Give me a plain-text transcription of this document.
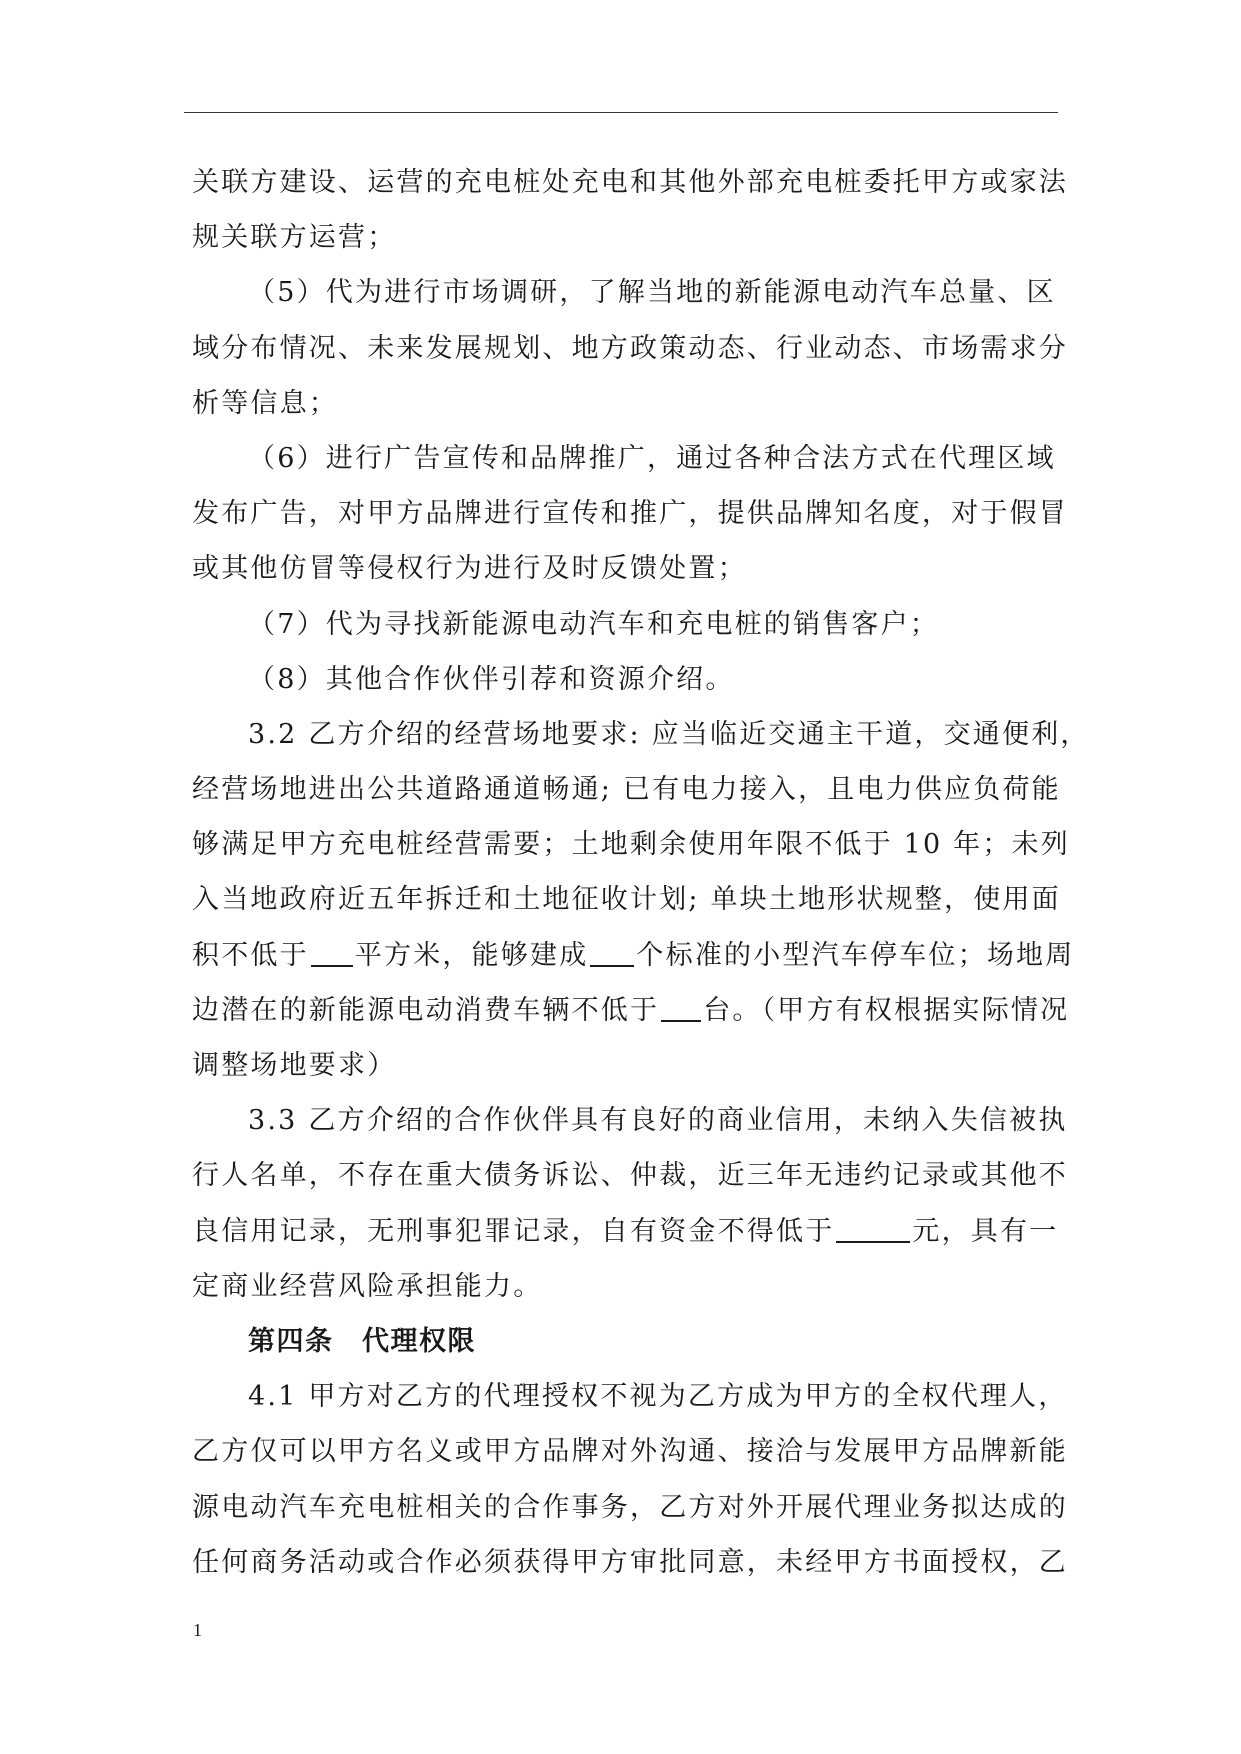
关联方建设、运营的充电桩处充电和其他外部充电桩委托甲方或家法
规关联方运营；
（5）代为进行市场调研，了解当地的新能源电动汽车总量、区
域分布情况、未来发展规划、地方政策动态、行业动态、市场需求分
析等信息；
（6）进行广告宣传和品牌推广，通过各种合法方式在代理区域
发布广告，对甲方品牌进行宣传和推广，提供品牌知名度，对于假冒
或其他仿冒等侵权行为进行及时反馈处置；
（7）代为寻找新能源电动汽车和充电桩的销售客户；
（8）其他合作伙伴引荐和资源介绍。
3.2 乙方介绍的经营场地要求: 应当临近交通主干道，交通便利，
经营场地进出公共道路通道畅通; 已有电力接入，且电力供应负荷能
够满足甲方充电桩经营需要；土地剩余使用年限不低于 10 年；未列
入当地政府近五年拆迁和土地征收计划; 单块土地形状规整，使用面
积不低于 平方米，能够建成 个标准的小型汽车停车位；场地周
边潜在的新能源电动消费车辆不低于 台。（甲方有权根据实际情况
调整场地要求）
3.3 乙方介绍的合作伙伴具有良好的商业信用，未纳入失信被执
行人名单，不存在重大债务诉讼、仲裁，近三年无违约记录或其他不
良信用记录，无刑事犯罪记录，自有资金不得低于	元，具有一
定商业经营风险承担能力。
第四条　代理权限
4.1 甲方对乙方的代理授权不视为乙方成为甲方的全权代理人，
乙方仅可以甲方名义或甲方品牌对外沟通、接洽与发展甲方品牌新能
源电动汽车充电桩相关的合作事务，乙方对外开展代理业务拟达成的
任何商务活动或合作必须获得甲方审批同意，未经甲方书面授权，乙
1
